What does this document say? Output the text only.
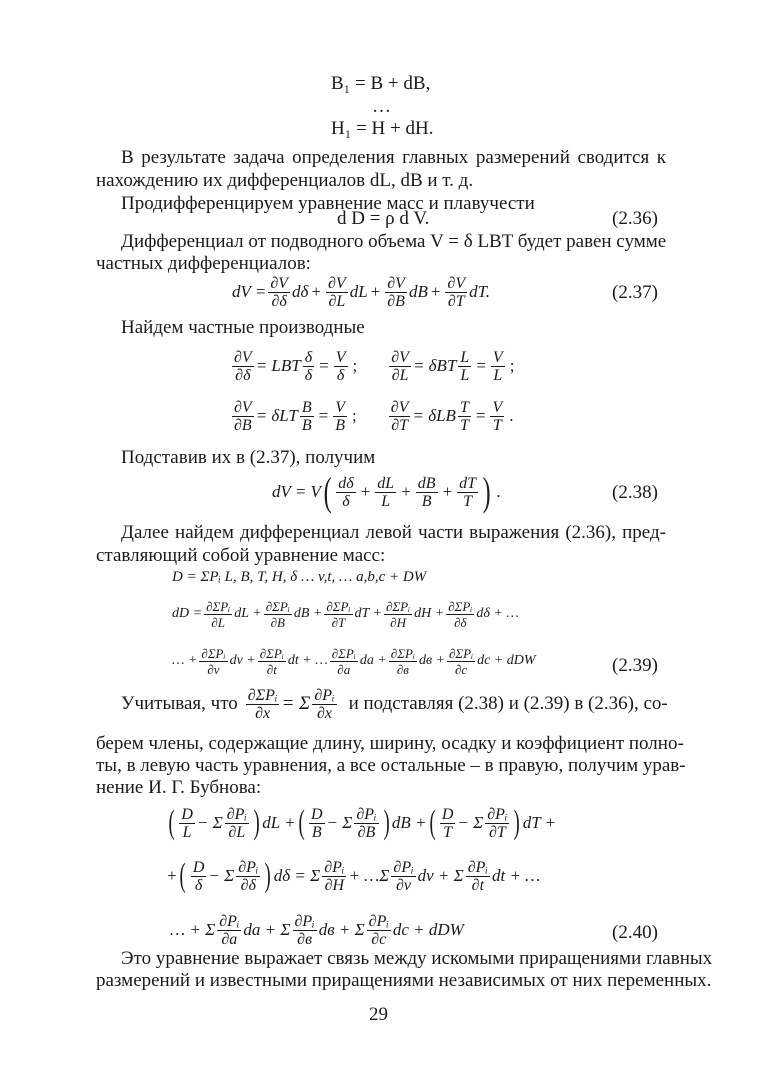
B₁ = B + dB,
…
H₁ = H + dH.
В результате задача определения главных размерений сводится к
нахождению их дифференциалов dL, dB и т. д.
Продифференцируем уравнение масс и плавучести
d D = ρ d V.	(2.36)
Дифференциал от подводного объема V = δ LBT будет равен сумме
частных дифференциалов:
dV = $\frac{\partial V}{\partial\delta}$ $d\delta + \frac{\partial V}{\partial L}$ dL + $\frac{\partial V}{\partial B}$ dB + $\frac{\partial V}{\partial T}$ dT.	(2.37)
Найдем частные производные
$\frac{\partial V}{\partial\delta}$ = LBT $\frac{\delta}{\delta} = \frac{V}{\delta}$ ; $\frac{\partial V}{\partial L} = \delta BT \frac{L}{L} = \frac{V}{L}$ ;
$\frac{\partial V}{\partial B} = \delta LT \frac{B}{B} = \frac{V}{B}$ ; $\frac{\partial V}{\partial T} = \delta LB \frac{T}{T} = \frac{V}{T}$ .
Подставив их в (2.37), получим
dV = V ( $\frac{d\delta}{\delta} + \frac{dL}{L} + \frac{dB}{B} + \frac{dT}{T}$ ) .	(2.38)
Далее найдем дифференциал левой части выражения (2.36), пред-
ставляющий собой уравнение масс:
D = ΣPᵢ L, B, T, H, δ … v,t, … a,b,c + DW
dD = $\frac{\text{∂ΣPᵢ}}{\partial L}$ dL + $\frac{\text{∂ΣPᵢ}}{\partial B}$ dB + $\frac{\text{∂ΣPᵢ}}{\partial T}$ dT + $\frac{\text{∂ΣPᵢ}}{\partial H}$ dH + $\frac{\text{∂ΣPᵢ}}{\partial\delta}$ dδ + …
… + $\frac{\text{∂ΣPᵢ}}{\partial v}$ dv + $\frac{\text{∂ΣPᵢ}}{\partial t}$ dt + … $\frac{\text{∂ΣPᵢ}}{\partial a}$ da + $\frac{\text{∂ΣPᵢ}}{\partial в}$ dв + $\frac{\text{∂ΣPᵢ}}{\partial c}$ dc + dDW	(2.39)
Учитывая, что $\frac{\text{∂ΣPᵢ}}{\partial x} = \Sigma \frac{\text{∂Pᵢ}}{\partial x}$ и подставляя (2.38) и (2.39) в (2.36), со-
берем члены, содержащие длину, ширину, осадку и коэффициент полно-
ты, в левую часть уравнения, а все остальные – в правую, получим урав-
нение И. Г. Бубнова:
( $\frac{D}{L} - \Sigma \frac{\text{∂Pᵢ}}{\partial L}$ ) dL + ( $\frac{D}{B} - \Sigma \frac{\text{∂Pᵢ}}{\partial B}$ ) dB + ( $\frac{D}{T} - \Sigma \frac{\text{∂Pᵢ}}{\partial T}$ ) dT +
+ ( $\frac{D}{\delta} - \Sigma \frac{\text{∂Pᵢ}}{\partial\delta}$ ) dδ = Σ $\frac{\text{∂Pᵢ}}{\partial H}$ + …Σ $\frac{\text{∂Pᵢ}}{\partial v}$ dv + Σ $\frac{\text{∂Pᵢ}}{\partial t}$ dt + …
… + Σ $\frac{\text{∂Pᵢ}}{\partial a}$ da + Σ $\frac{\text{∂Pᵢ}}{\partial в}$ dв + Σ $\frac{\text{∂Pᵢ}}{\partial c}$ dc + dDW	(2.40)
Это уравнение выражает связь между искомыми приращениями главных
размерений и известными приращениями независимых от них переменных.
29
